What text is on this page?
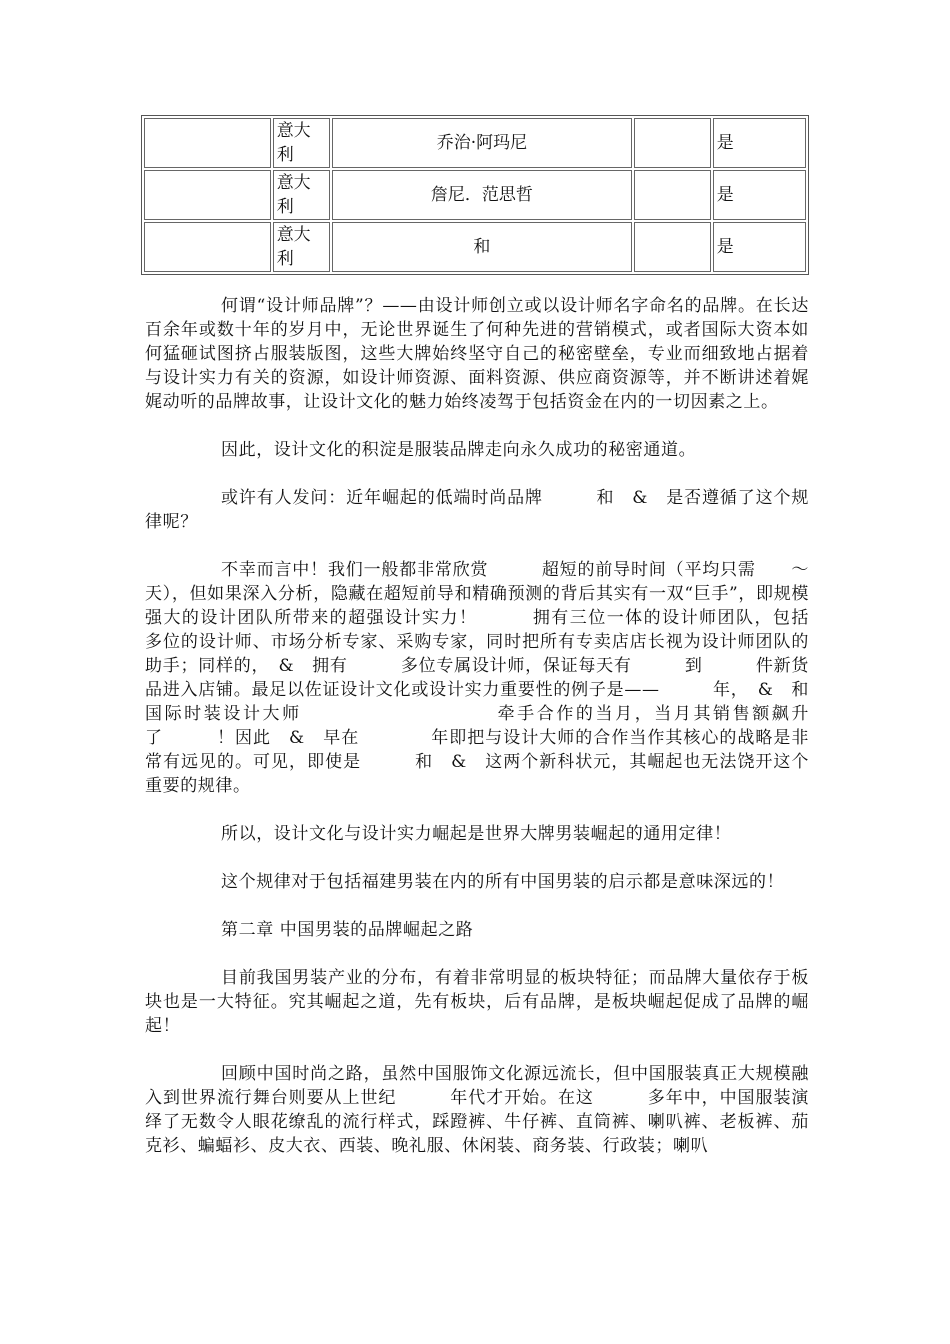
	意大利	乔治·阿玛尼		是
	意大利	詹尼．范思哲		是
	意大利	和		是

何谓“设计师品牌”？——由设计师创立或以设计师名字命名的品牌。在长达百余年或数十年的岁月中，无论世界诞生了何种先进的营销模式，或者国际大资本如何猛砸试图挤占服装版图，这些大牌始终坚守自己的秘密壁垒，专业而细致地占据着与设计实力有关的资源，如设计师资源、面料资源、供应商资源等，并不断讲述着娓娓动听的品牌故事，让设计文化的魅力始终凌驾于包括资金在内的一切因素之上。

因此，设计文化的积淀是服装品牌走向永久成功的秘密通道。

或许有人发问：近年崛起的低端时尚品牌　　　和　&　是否遵循了这个规律呢？

不幸而言中！我们一般都非常欣赏　　　超短的前导时间（平均只需　　～　　天），但如果深入分析，隐藏在超短前导和精确预测的背后其实有一双“巨手”，即规模强大的设计团队所带来的超强设计实力！　　　拥有三位一体的设计师团队，包括　　　多位的设计师、市场分析专家、采购专家，同时把所有专卖店店长视为设计师团队的助手；同样的，　&　拥有　　　多位专属设计师，保证每天有　　　到　　　件新货品进入店铺。最足以佐证设计文化或设计实力重要性的例子是——　　　年，　&　和国际时装设计大师　　　　　　　　　　牵手合作的当月，当月其销售额飙升了　　　！因此　&　早在　　　　年即把与设计大师的合作当作其核心的战略是非常有远见的。可见，即使是　　　和　&　这两个新科状元，其崛起也无法饶开这个重要的规律。

所以，设计文化与设计实力崛起是世界大牌男装崛起的通用定律！

这个规律对于包括福建男装在内的所有中国男装的启示都是意味深远的！

第二章 中国男装的品牌崛起之路

目前我国男装产业的分布，有着非常明显的板块特征；而品牌大量依存于板块也是一大特征。究其崛起之道，先有板块，后有品牌，是板块崛起促成了品牌的崛起！

回顾中国时尚之路，虽然中国服饰文化源远流长，但中国服装真正大规模融入到世界流行舞台则要从上世纪　　　年代才开始。在这　　　多年中，中国服装演绎了无数令人眼花缭乱的流行样式，踩蹬裤、牛仔裤、直筒裤、喇叭裤、老板裤、茄克衫、蝙蝠衫、皮大衣、西装、晚礼服、休闲装、商务装、行政装；喇叭
